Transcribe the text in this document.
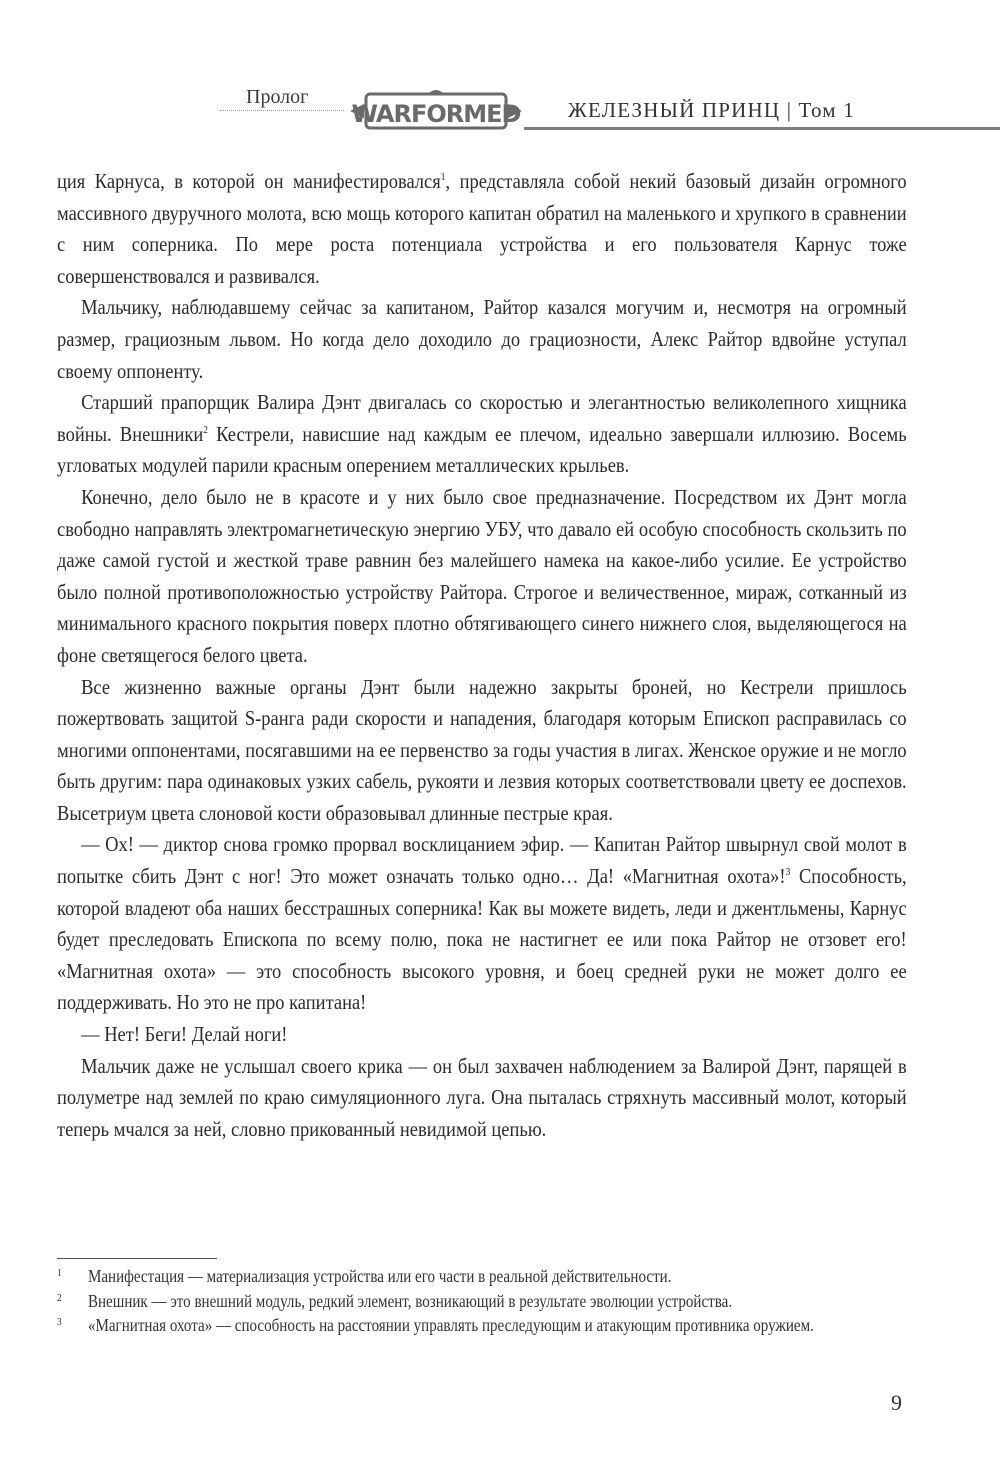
Пролог
WARFORMED ЖЕЛЕЗНЫЙ ПРИНЦ | Том 1

ция Карнуса, в которой он манифестировался$^1$, представляла собой некий базовый дизайн огромного массивного двуручного молота, всю мощь которого капитан обратил на маленького и хрупкого в сравнении с ним соперника. По мере роста потенциала устройства и его пользователя Карнус тоже совершенствовался и развивался.

Мальчику, наблюдавшему сейчас за капитаном, Райтор казался могучим и, несмотря на огромный размер, грациозным львом. Но когда дело доходило до грациозности, Алекс Райтор вдвойне уступал своему оппоненту.

Старший прапорщик Валира Дэнт двигалась со скоростью и элегантностью великолепного хищника войны. Внешники$^2$ Кестрели, нависшие над каждым ее плечом, идеально завершали иллюзию. Восемь угловатых модулей парили красным оперением металлических крыльев.

Конечно, дело было не в красоте и у них было свое предназначение. Посредством их Дэнт могла свободно направлять электромагнетическую энергию УБУ, что давало ей особую способность скользить по даже самой густой и жесткой траве равнин без малейшего намека на какое-либо усилие. Ее устройство было полной противоположностью устройству Райтора. Строгое и величественное, мираж, сотканный из минимального красного покрытия поверх плотно обтягивающего синего нижнего слоя, выделяющегося на фоне светящегося белого цвета.

Все жизненно важные органы Дэнт были надежно закрыты броней, но Кестрели пришлось пожертвовать защитой S-ранга ради скорости и нападения, благодаря которым Епископ расправилась со многими оппонентами, посягавшими на ее первенство за годы участия в лигах. Женское оружие и не могло быть другим: пара одинаковых узких сабель, рукояти и лезвия которых соответствовали цвету ее доспехов. Высетриум цвета слоновой кости образовывал длинные пестрые края.

— Ох! — диктор снова громко прорвал восклицанием эфир. — Капитан Райтор швырнул свой молот в попытке сбить Дэнт с ног! Это может означать только одно… Да! «Магнитная охота»!$^3$ Способность, которой владеют оба наших бесстрашных соперника! Как вы можете видеть, леди и джентльмены, Карнус будет преследовать Епископа по всему полю, пока не настигнет ее или пока Райтор не отзовет его! «Магнитная охота» — это способность высокого уровня, и боец средней руки не может долго ее поддерживать. Но это не про капитана!

— Нет! Беги! Делай ноги!

Мальчик даже не услышал своего крика — он был захвачен наблюдением за Валирой Дэнт, парящей в полуметре над землей по краю симуляционного луга. Она пыталась стряхнуть массивный молот, который теперь мчался за ней, словно прикованный невидимой цепью.

1 Манифестация — материализация устройства или его части в реальной действительности.

2 Внешник — это внешний модуль, редкий элемент, возникающий в результате эволюции устройства.

3 «Магнитная охота» — способность на расстоянии управлять преследующим и атакующим противника оружием.

9
